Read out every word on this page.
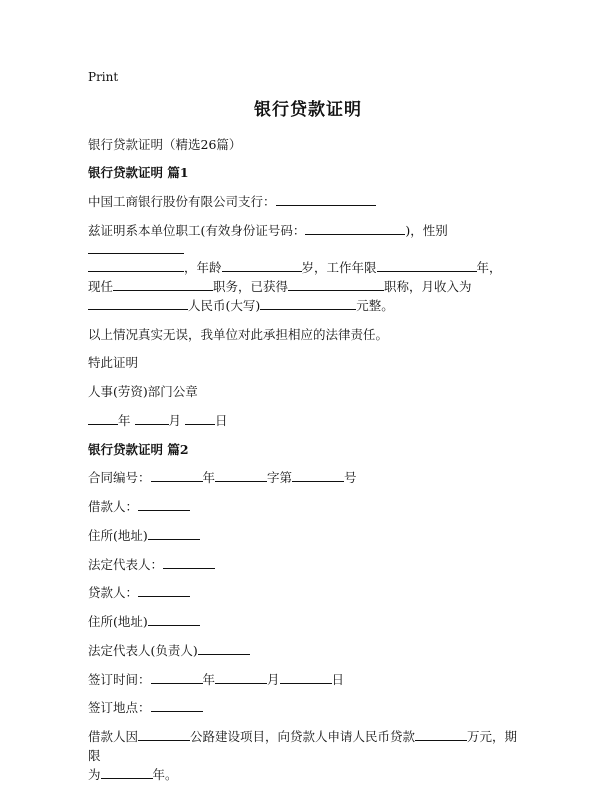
Print
银行贷款证明

银行贷款证明（精选26篇）

银行贷款证明 篇1

中国工商银行股份有限公司支行：

兹证明系本单位职工(有效身份证号码：	)，性别

，年龄	岁，工作年限	年，

现任	职务，已获得	职称，月收入为

人民币(大写)	元整。

以上情况真实无误，我单位对此承担相应的法律责任。

特此证明

人事(劳资)部门公章

年	月	日

银行贷款证明 篇2

合同编号：	年	字第	号

借款人：

住所(地址)

法定代表人：

贷款人：

住所(地址)

法定代表人(负责人)

签订时间：	年	月	日

签订地点：

借款人因	公路建设项目，向贷款人申请人民币贷款	万元，期限

为	年。
